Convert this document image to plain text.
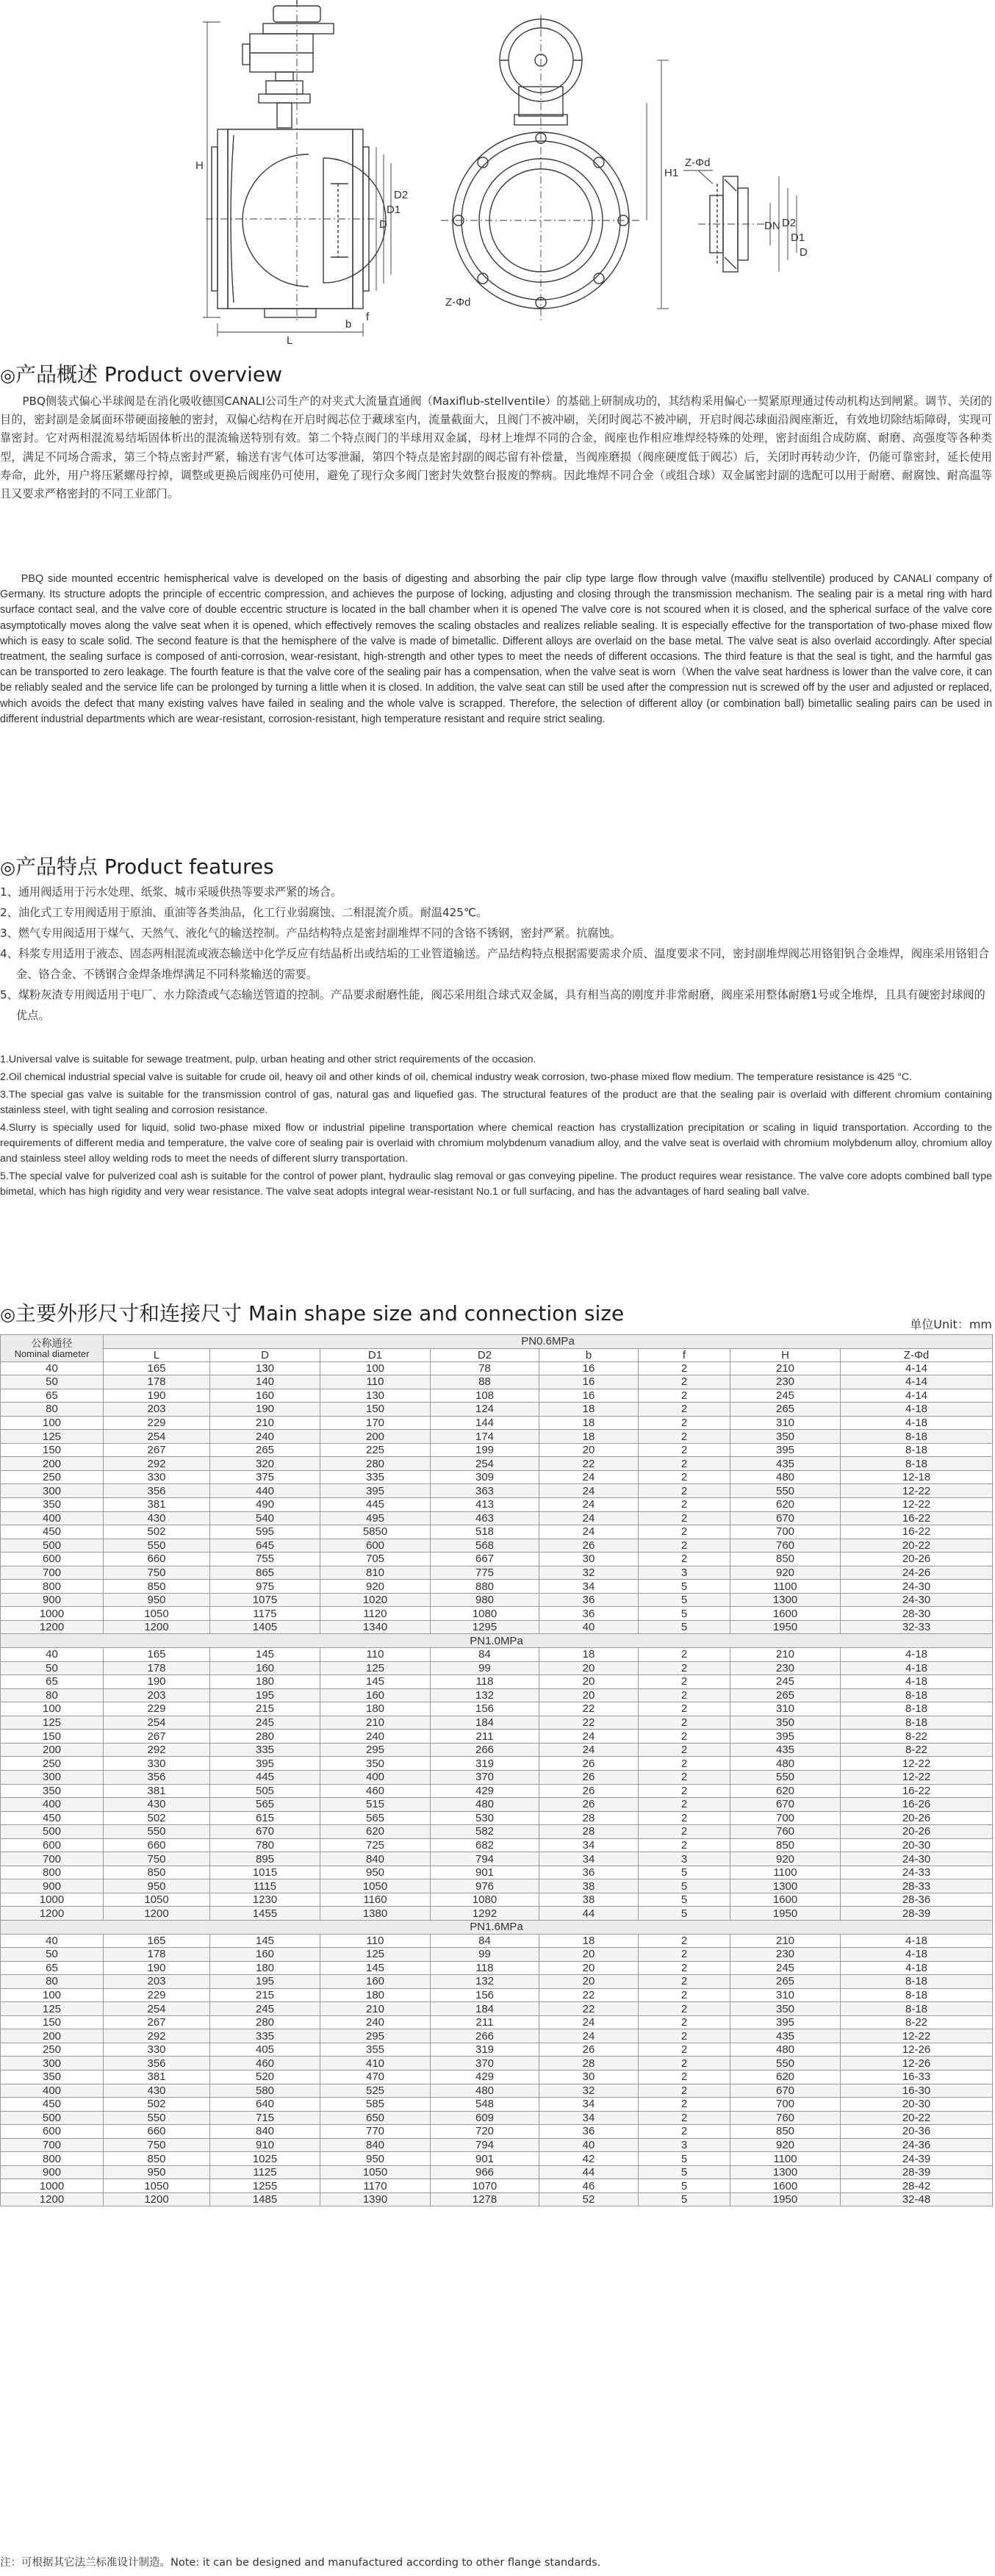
H
L
D
D1
D2
Z-Φd
f
b
H1
Z-Φd
DN D2
D1
D
◎产品概述 Product overview
PBQ侧装式偏心半球阀是在消化吸收德国CANALI公司生产的对夹式大流量直通阀（Maxiflub-stellventile）的基础上研制成功的，其结构采用偏心一契紧原理通过传动机构达到闸紧。调节、关闭的目的，密封副是金属面环带硬面接触的密封，双偏心结构在开启时阀芯位于藏球室内，流量截面大，且阀门不被冲刷，关闭时阀芯不被冲刷，开启时阀芯球面沿阀座渐近，有效地切除结垢障碍，实现可靠密封。它对两相混流易结垢固体析出的混流输送特别有效。第二个特点阀门的半球用双金属，母材上堆焊不同的合金，阀座也作相应堆焊经特殊的处理，密封面组合成防腐、耐磨、高强度等各种类型，满足不同场合需求，第三个特点密封严紧，输送有害气体可达零泄漏，第四个特点是密封副的阀芯留有补偿量，当阀座磨损（阀座硬度低于阀芯）后，关闭时再转动少许，仍能可靠密封，延长使用寿命，此外，用户将压紧螺母拧掉，调整或更换后阀座仍可使用，避免了现行众多阀门密封失效整台报废的弊病。因此堆焊不同合金（或组合球）双金属密封副的选配可以用于耐磨、耐腐蚀、耐高温等且又要求严格密封的不同工业部门。
PBQ side mounted eccentric hemispherical valve is developed on the basis of digesting and absorbing the pair clip type large flow through valve (maxiflu stellventile) produced by CANALI company of Germany. Its structure adopts the principle of eccentric compression, and achieves the purpose of locking, adjusting and closing through the transmission mechanism. The sealing pair is a metal ring with hard surface contact seal, and the valve core of double eccentric structure is located in the ball chamber when it is opened The valve core is not scoured when it is closed, and the spherical surface of the valve core asymptotically moves along the valve seat when it is opened, which effectively removes the scaling obstacles and realizes reliable sealing. It is especially effective for the transportation of two-phase mixed flow which is easy to scale solid. The second feature is that the hemisphere of the valve is made of bimetallic. Different alloys are overlaid on the base metal. The valve seat is also overlaid accordingly. After special treatment, the sealing surface is composed of anti-corrosion, wear-resistant, high-strength and other types to meet the needs of different occasions. The third feature is that the seal is tight, and the harmful gas can be transported to zero leakage. The fourth feature is that the valve core of the sealing pair has a compensation, when the valve seat is worn（When the valve seat hardness is lower than the valve core, it can be reliably sealed and the service life can be prolonged by turning a little when it is closed. In addition, the valve seat can still be used after the compression nut is screwed off by the user and adjusted or replaced, which avoids the defect that many existing valves have failed in sealing and the whole valve is scrapped. Therefore, the selection of different alloy (or combination ball) bimetallic sealing pairs can be used in different industrial departments which are wear-resistant, corrosion-resistant, high temperature resistant and require strict sealing.
◎产品特点 Product features
1、通用阀适用于污水处理、纸浆、城市采暖供热等要求严紧的场合。
2、油化式工专用阀适用于原油、重油等各类油品，化工行业弱腐蚀、二相混流介质。耐温425℃。
3、燃气专用阀适用于煤气、天然气、液化气的输送控制。产品结构特点是密封副堆焊不同的含铬不锈钢，密封严紧。抗腐蚀。
4、科浆专用适用于液态、固态两相混流或液态输送中化学反应有结晶析出或结垢的工业管道输送。产品结构特点根据需要需求介质、温度要求不同，密封副堆焊阀芯用铬钼钒合金堆焊，阀座采用铬钼合金、铬合金、不锈钢合金焊条堆焊满足不同科浆输送的需要。
5、煤粉灰渣专用阀适用于电厂、水力除渣或气态输送管道的控制。产品要求耐磨性能，阀芯采用组合球式双金属，具有相当高的刚度并非常耐磨，阀座采用整体耐磨1号或全堆焊，且具有硬密封球阀的优点。
1.Universal valve is suitable for sewage treatment, pulp, urban heating and other strict requirements of the occasion.
2.Oil chemical industrial special valve is suitable for crude oil, heavy oil and other kinds of oil, chemical industry weak corrosion, two-phase mixed flow medium. The temperature resistance is 425 °C.
3.The special gas valve is suitable for the transmission control of gas, natural gas and liquefied gas. The structural features of the product are that the sealing pair is overlaid with different chromium containing stainless steel, with tight sealing and corrosion resistance.
4.Slurry is specially used for liquid, solid two-phase mixed flow or industrial pipeline transportation where chemical reaction has crystallization precipitation or scaling in liquid transportation. According to the requirements of different media and temperature, the valve core of sealing pair is overlaid with chromium molybdenum vanadium alloy, and the valve seat is overlaid with chromium molybdenum alloy, chromium alloy and stainless steel alloy welding rods to meet the needs of different slurry transportation.
5.The special valve for pulverized coal ash is suitable for the control of power plant, hydraulic slag removal or gas conveying pipeline. The product requires wear resistance. The valve core adopts combined ball type bimetal, which has high rigidity and very wear resistance. The valve seat adopts integral wear-resistant No.1 or full surfacing, and has the advantages of hard sealing ball valve.
◎主要外形尺寸和连接尺寸 Main shape size and connection size	单位Unit：mm
公称通径
Nominal diameter	PN0.6MPa							
	L	D	D1	D2	b	f	H	Z-Φd
40	165	130	100	78	16	2	210	4-14
50	178	140	110	88	16	2	230	4-14
65	190	160	130	108	16	2	245	4-14
80	203	190	150	124	18	2	265	4-18
100	229	210	170	144	18	2	310	4-18
125	254	240	200	174	18	2	350	8-18
150	267	265	225	199	20	2	395	8-18
200	292	320	280	254	22	2	435	8-18
250	330	375	335	309	24	2	480	12-18
300	356	440	395	363	24	2	550	12-22
350	381	490	445	413	24	2	620	12-22
400	430	540	495	463	24	2	670	16-22
450	502	595	5850	518	24	2	700	16-22
500	550	645	600	568	26	2	760	20-22
600	660	755	705	667	30	2	850	20-26
700	750	865	810	775	32	3	920	24-26
800	850	975	920	880	34	5	1100	24-30
900	950	1075	1020	980	36	5	1300	24-30
1000	1050	1175	1120	1080	36	5	1600	28-30
1200	1200	1405	1340	1295	40	5	1950	32-33
PN1.0MPa								
40	165	145	110	84	18	2	210	4-18
50	178	160	125	99	20	2	230	4-18
65	190	180	145	118	20	2	245	4-18
80	203	195	160	132	20	2	265	8-18
100	229	215	180	156	22	2	310	8-18
125	254	245	210	184	22	2	350	8-18
150	267	280	240	211	24	2	395	8-22
200	292	335	295	266	24	2	435	8-22
250	330	395	350	319	26	2	480	12-22
300	356	445	400	370	26	2	550	12-22
350	381	505	460	429	26	2	620	16-22
400	430	565	515	480	26	2	670	16-26
450	502	615	565	530	28	2	700	20-26
500	550	670	620	582	28	2	760	20-26
600	660	780	725	682	34	2	850	20-30
700	750	895	840	794	34	3	920	24-30
800	850	1015	950	901	36	5	1100	24-33
900	950	1115	1050	976	38	5	1300	28-33
1000	1050	1230	1160	1080	38	5	1600	28-36
1200	1200	1455	1380	1292	44	5	1950	28-39
PN1.6MPa								
40	165	145	110	84	18	2	210	4-18
50	178	160	125	99	20	2	230	4-18
65	190	180	145	118	20	2	245	4-18
80	203	195	160	132	20	2	265	8-18
100	229	215	180	156	22	2	310	8-18
125	254	245	210	184	22	2	350	8-18
150	267	280	240	211	24	2	395	8-22
200	292	335	295	266	24	2	435	12-22
250	330	405	355	319	26	2	480	12-26
300	356	460	410	370	28	2	550	12-26
350	381	520	470	429	30	2	620	16-33
400	430	580	525	480	32	2	670	16-30
450	502	640	585	548	34	2	700	20-30
500	550	715	650	609	34	2	760	20-22
600	660	840	770	720	36	2	850	20-36
700	750	910	840	794	40	3	920	24-36
800	850	1025	950	901	42	5	1100	24-39
900	950	1125	1050	966	44	5	1300	28-39
1000	1050	1255	1170	1070	46	5	1600	28-42
1200	1200	1485	1390	1278	52	5	1950	32-48
注：可根据其它法兰标准设计制造。Note: it can be designed and manufactured according to other flange standards.
